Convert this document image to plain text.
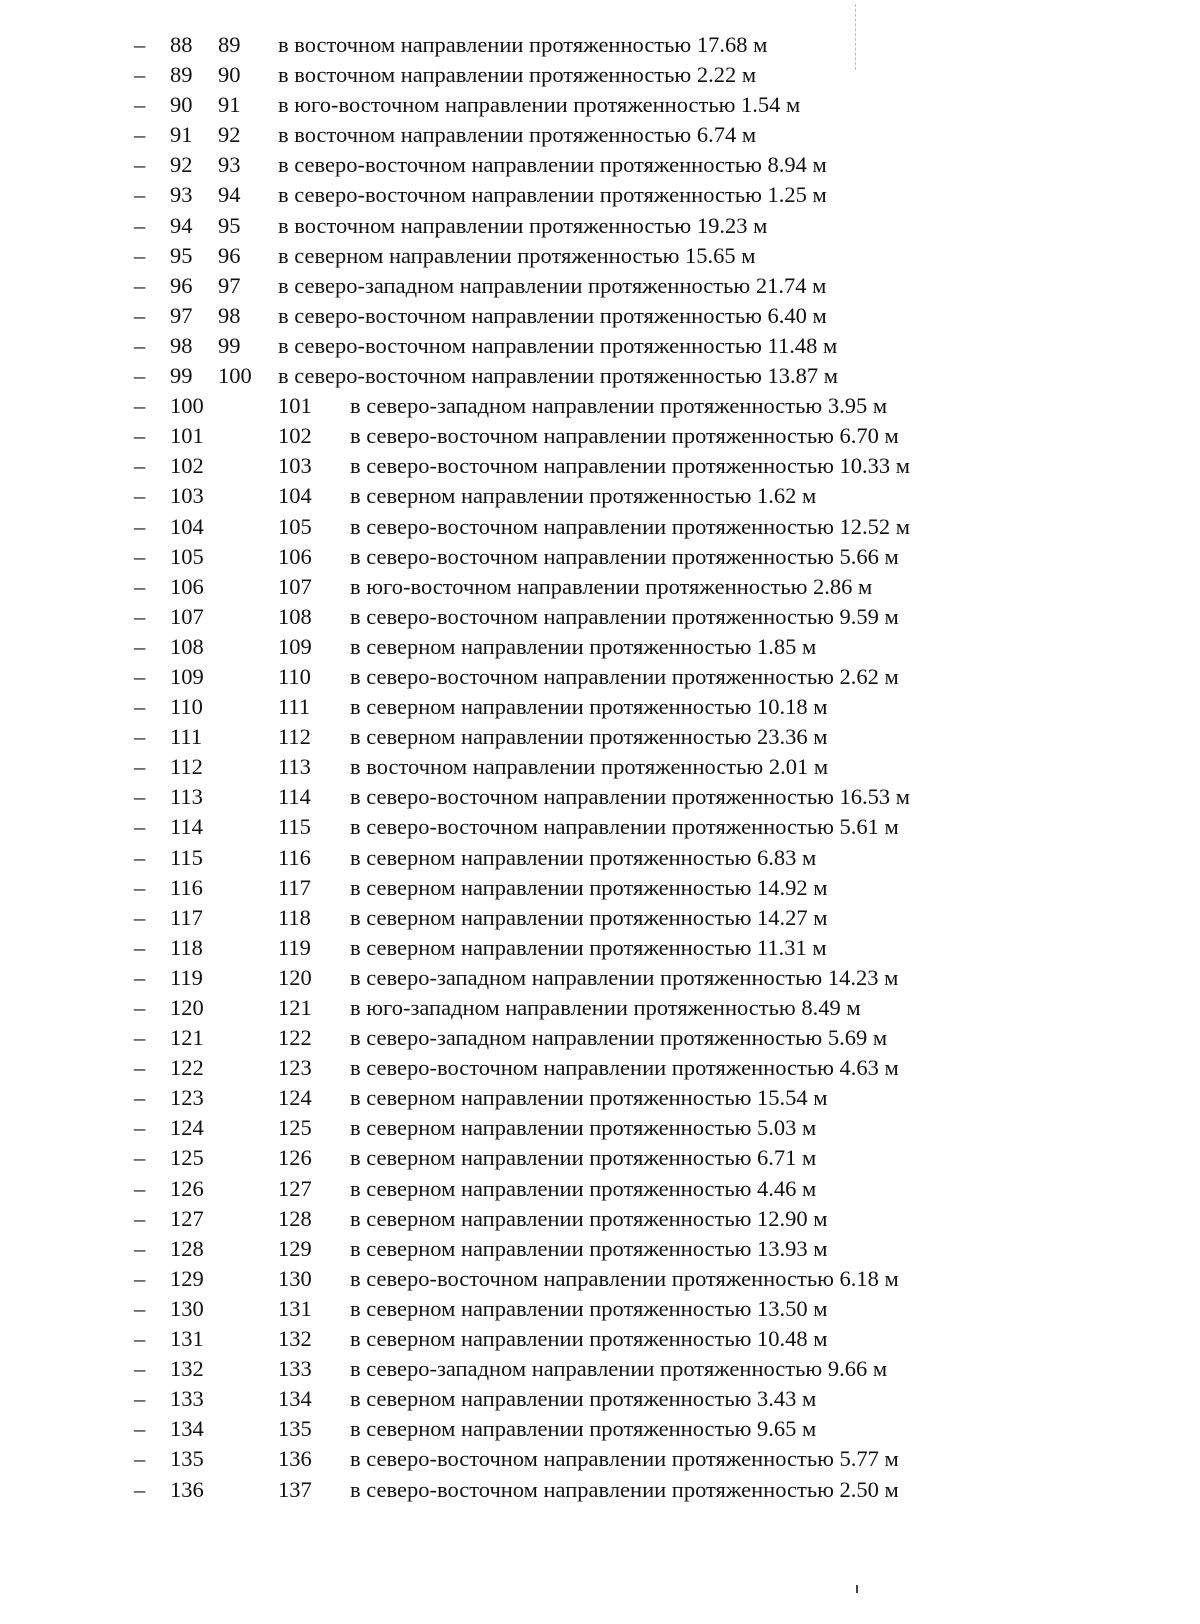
– 88 89 в восточном направлении протяженностью 17.68 м
– 89 90 в восточном направлении протяженностью 2.22 м
– 90 91 в юго-восточном направлении протяженностью 1.54 м
– 91 92 в восточном направлении протяженностью 6.74 м
– 92 93 в северо-восточном направлении протяженностью 8.94 м
– 93 94 в северо-восточном направлении протяженностью 1.25 м
– 94 95 в восточном направлении протяженностью 19.23 м
– 95 96 в северном направлении протяженностью 15.65 м
– 96 97 в северо-западном направлении протяженностью 21.74 м
– 97 98 в северо-восточном направлении протяженностью 6.40 м
– 98 99 в северо-восточном направлении протяженностью 11.48 м
– 99 100 в северо-восточном направлении протяженностью 13.87 м
– 100	101 в северо-западном направлении протяженностью 3.95 м
– 101	102 в северо-восточном направлении протяженностью 6.70 м
– 102	103 в северо-восточном направлении протяженностью 10.33 м
– 103	104 в северном направлении протяженностью 1.62 м
– 104	105 в северо-восточном направлении протяженностью 12.52 м
– 105	106 в северо-восточном направлении протяженностью 5.66 м
– 106	107 в юго-восточном направлении протяженностью 2.86 м
– 107	108 в северо-восточном направлении протяженностью 9.59 м
– 108	109 в северном направлении протяженностью 1.85 м
– 109	110 в северо-восточном направлении протяженностью 2.62 м
– 110	111 в северном направлении протяженностью 10.18 м
– 111	112 в северном направлении протяженностью 23.36 м
– 112	113 в восточном направлении протяженностью 2.01 м
– 113	114 в северо-восточном направлении протяженностью 16.53 м
– 114	115 в северо-восточном направлении протяженностью 5.61 м
– 115	116 в северном направлении протяженностью 6.83 м
– 116	117 в северном направлении протяженностью 14.92 м
– 117	118 в северном направлении протяженностью 14.27 м
– 118	119 в северном направлении протяженностью 11.31 м
– 119	120 в северо-западном направлении протяженностью 14.23 м
– 120	121 в юго-западном направлении протяженностью 8.49 м
– 121	122 в северо-западном направлении протяженностью 5.69 м
– 122	123 в северо-восточном направлении протяженностью 4.63 м
– 123	124 в северном направлении протяженностью 15.54 м
– 124	125 в северном направлении протяженностью 5.03 м
– 125	126 в северном направлении протяженностью 6.71 м
– 126	127 в северном направлении протяженностью 4.46 м
– 127	128 в северном направлении протяженностью 12.90 м
– 128	129 в северном направлении протяженностью 13.93 м
– 129	130 в северо-восточном направлении протяженностью 6.18 м
– 130	131 в северном направлении протяженностью 13.50 м
– 131	132 в северном направлении протяженностью 10.48 м
– 132	133 в северо-западном направлении протяженностью 9.66 м
– 133	134 в северном направлении протяженностью 3.43 м
– 134	135 в северном направлении протяженностью 9.65 м
– 135	136 в северо-восточном направлении протяженностью 5.77 м
– 136	137 в северо-восточном направлении протяженностью 2.50 м
